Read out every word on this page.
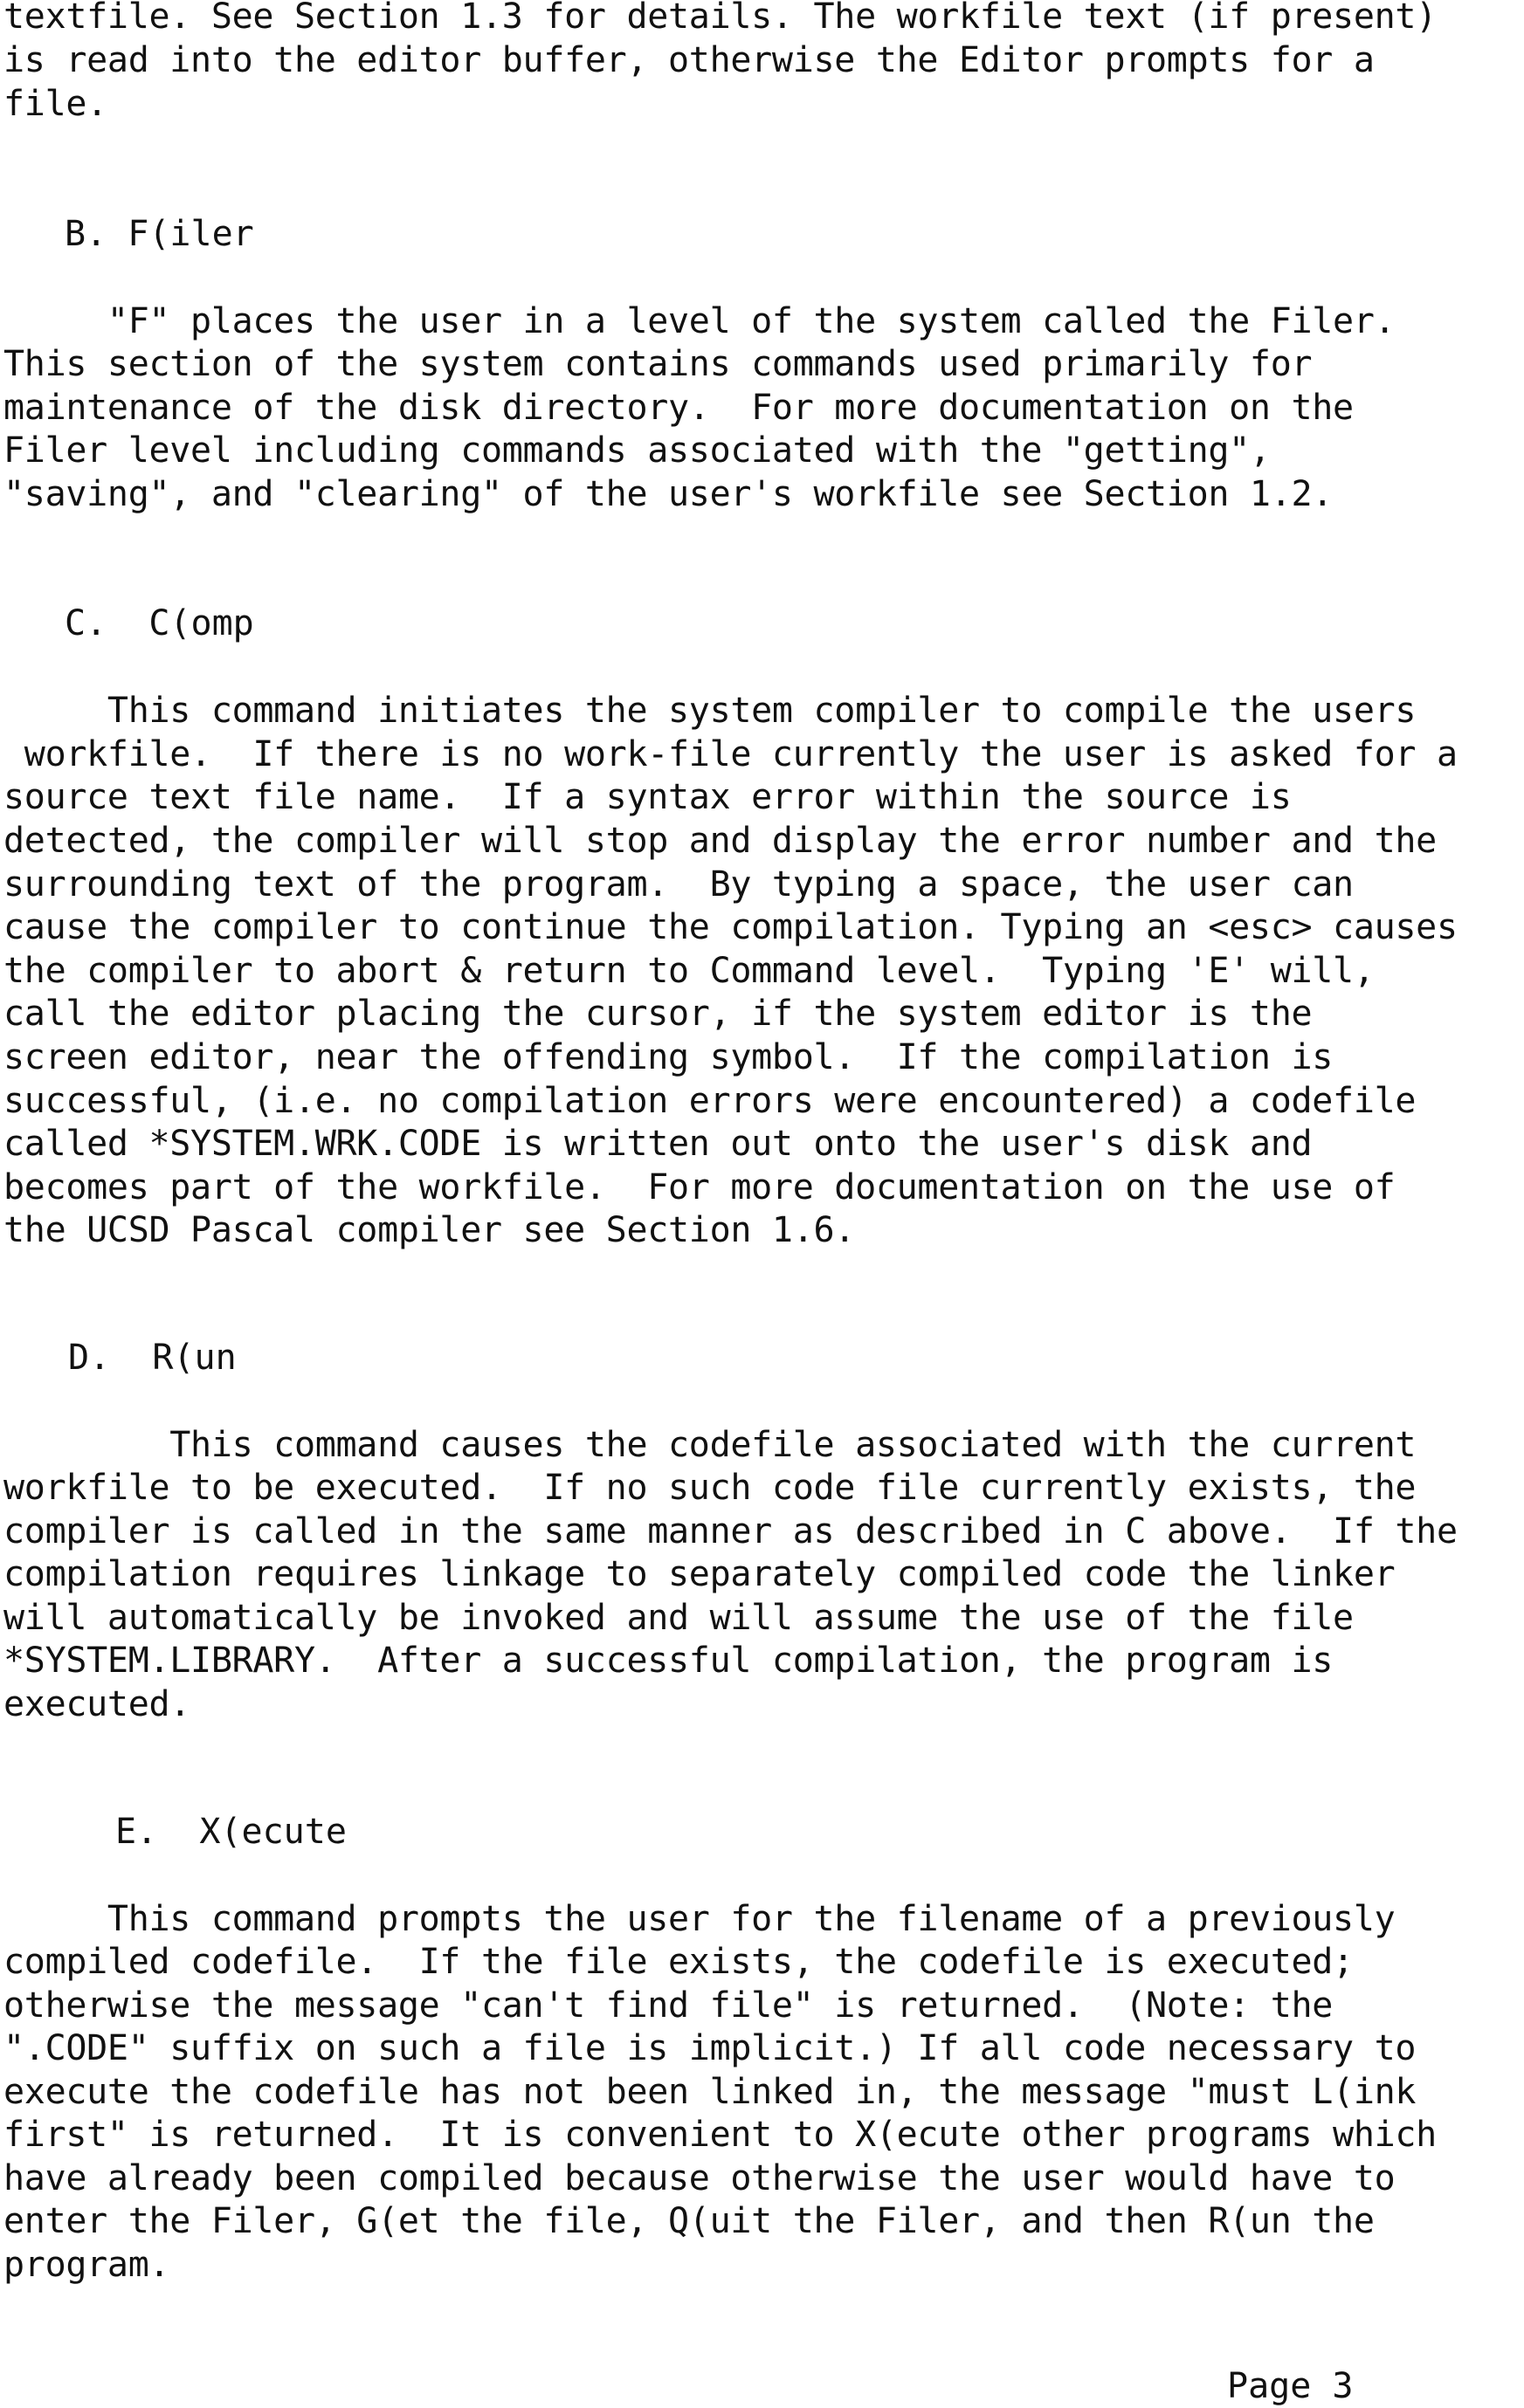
textfile. See Section 1.3 for details. The workfile text (if present)
is read into the editor buffer, otherwise the Editor prompts for a
file.
B. F(iler
"F" places the user in a level of the system called the Filer.
This section of the system contains commands used primarily for
maintenance of the disk directory.  For more documentation on the
Filer level including commands associated with the "getting",
"saving", and "clearing" of the user's workfile see Section 1.2.
C.  C(omp
This command initiates the system compiler to compile the users
workfile.  If there is no work-file currently the user is asked for a
source text file name.  If a syntax error within the source is
detected, the compiler will stop and display the error number and the
surrounding text of the program.  By typing a space, the user can
cause the compiler to continue the compilation. Typing an <esc> causes
the compiler to abort & return to Command level.  Typing 'E' will,
call the editor placing the cursor, if the system editor is the
screen editor, near the offending symbol.  If the compilation is
successful, (i.e. no compilation errors were encountered) a codefile
called *SYSTEM.WRK.CODE is written out onto the user's disk and
becomes part of the workfile.  For more documentation on the use of
the UCSD Pascal compiler see Section 1.6.
D.  R(un
This command causes the codefile associated with the current
workfile to be executed.  If no such code file currently exists, the
compiler is called in the same manner as described in C above.  If the
compilation requires linkage to separately compiled code the linker
will automatically be invoked and will assume the use of the file
*SYSTEM.LIBRARY.  After a successful compilation, the program is
executed.
E.  X(ecute
This command prompts the user for the filename of a previously
compiled codefile.  If the file exists, the codefile is executed;
otherwise the message "can't find file" is returned.  (Note: the
".CODE" suffix on such a file is implicit.) If all code necessary to
execute the codefile has not been linked in, the message "must L(ink
first" is returned.  It is convenient to X(ecute other programs which
have already been compiled because otherwise the user would have to
enter the Filer, G(et the file, Q(uit the Filer, and then R(un the
program.
Page 3
